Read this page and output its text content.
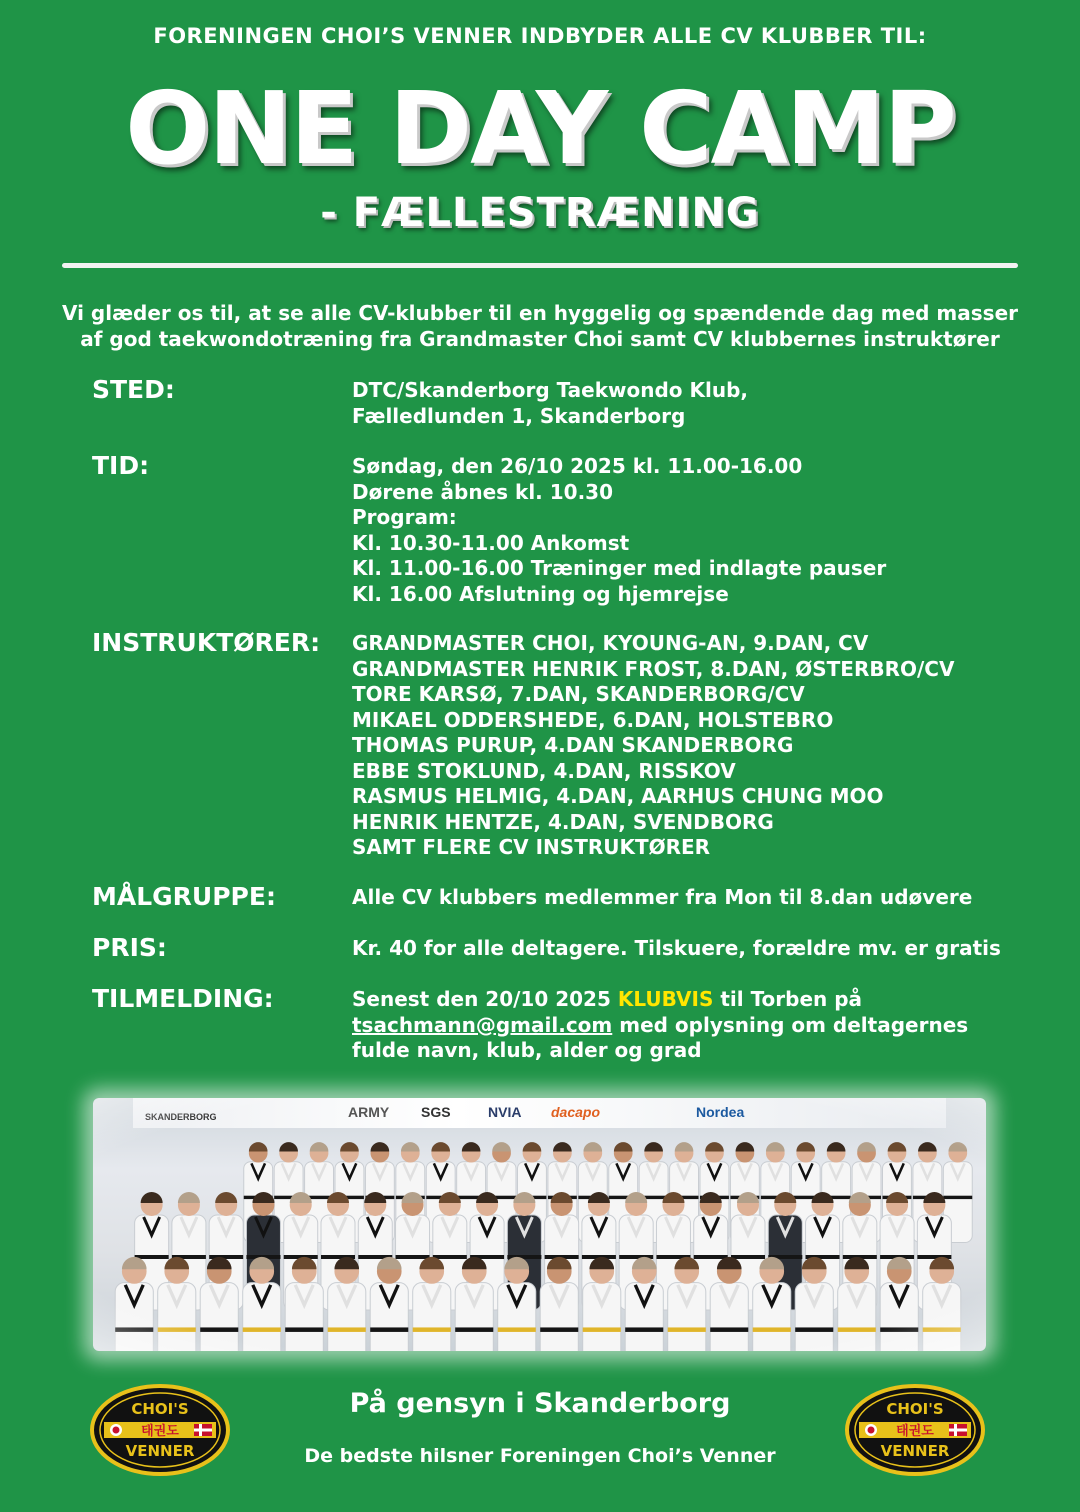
FORENINGEN CHOI’S VENNER INDBYDER ALLE CV KLUBBER TIL:
ONE DAY CAMP
- FÆLLESTRÆNING
Vi glæder os til, at se alle CV-klubber til en hyggelig og spændende dag med masser
af god taekwondotræning fra Grandmaster Choi samt CV klubbernes instruktører
STED:	DTC/Skanderborg Taekwondo Klub,
Fælledlunden 1, Skanderborg
TID:	Søndag, den 26/10 2025 kl. 11.00-16.00
Dørene åbnes kl. 10.30
Program:
Kl. 10.30-11.00 Ankomst
Kl. 11.00-16.00 Træninger med indlagte pauser
Kl. 16.00 Afslutning og hjemrejse
INSTRUKTØRER: GRANDMASTER CHOI, KYOUNG-AN, 9.DAN, CV
GRANDMASTER HENRIK FROST, 8.DAN, ØSTERBRO/CV
TORE KARSØ, 7.DAN, SKANDERBORG/CV
MIKAEL ODDERSHEDE, 6.DAN, HOLSTEBRO
THOMAS PURUP, 4.DAN SKANDERBORG
EBBE STOKLUND, 4.DAN, RISSKOV
RASMUS HELMIG, 4.DAN, AARHUS CHUNG MOO
HENRIK HENTZE, 4.DAN, SVENDBORG
SAMT FLERE CV INSTRUKTØRER
MÅLGRUPPE:	Alle CV klubbers medlemmer fra Mon til 8.dan udøvere
PRIS:	Kr. 40 for alle deltagere. Tilskuere, forældre mv. er gratis
TILMELDING:	Senest den 20/10 2025 KLUBVIS til Torben på
tsachmann@gmail.com med oplysning om deltagernes
fulde navn, klub, alder og grad
CHOI'S
태권도
VENNER
CHOI'S
태권도
VENNER
På gensyn i Skanderborg
De bedste hilsner Foreningen Choi’s Venner
